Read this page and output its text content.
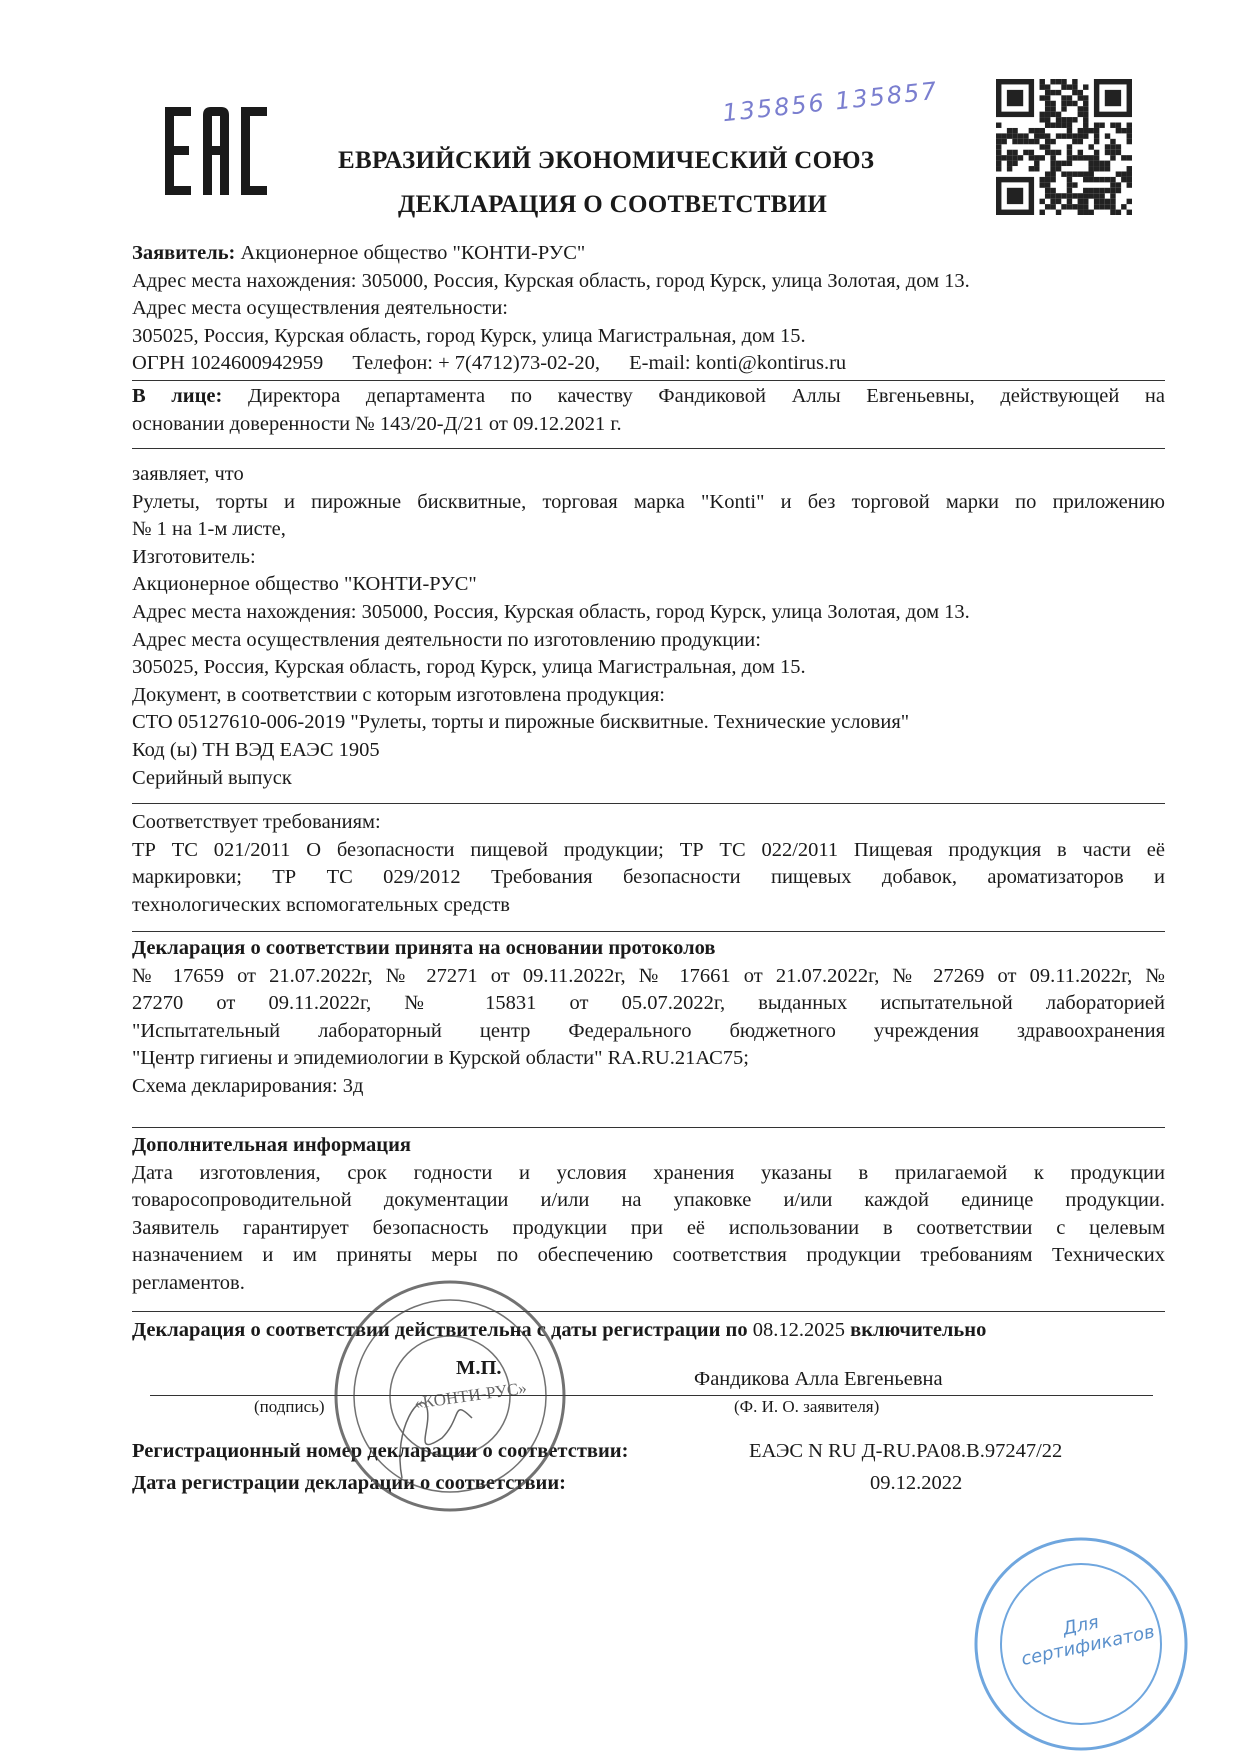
135856 135857
ЕВРАЗИЙСКИЙ ЭКОНОМИЧЕСКИЙ СОЮЗ
ДЕКЛАРАЦИЯ О СООТВЕТСТВИИ
Заявитель: Акционерное общество "КОНТИ-РУС"
Адрес места нахождения: 305000, Россия, Курская область, город Курск, улица Золотая, дом 13.
Адрес места осуществления деятельности:
305025, Россия, Курская область, город Курск, улица Магистральная, дом 15.
ОГРН 1024600942959 Телефон: + 7(4712)73-02-20, E-mail: konti@kontirus.ru
В лице: Директора департамента по качеству Фандиковой Аллы Евгеньевны, действующей на
основании доверенности № 143/20-Д/21 от 09.12.2021 г.
заявляет, что
Рулеты, торты и пирожные бисквитные, торговая марка "Konti" и без торговой марки по приложению
№ 1 на 1-м листе,
Изготовитель:
Акционерное общество "КОНТИ-РУС"
Адрес места нахождения: 305000, Россия, Курская область, город Курск, улица Золотая, дом 13.
Адрес места осуществления деятельности по изготовлению продукции:
305025, Россия, Курская область, город Курск, улица Магистральная, дом 15.
Документ, в соответствии с которым изготовлена продукция:
СТО 05127610-006-2019 "Рулеты, торты и пирожные бисквитные. Технические условия"
Код (ы) ТН ВЭД ЕАЭС 1905
Серийный выпуск
Соответствует требованиям:
ТР ТС 021/2011 О безопасности пищевой продукции; ТР ТС 022/2011 Пищевая продукция в части её
маркировки; ТР ТС 029/2012 Требования безопасности пищевых добавок, ароматизаторов и
технологических вспомогательных средств
Декларация о соответствии принята на основании протоколов
№ 17659 от 21.07.2022г, № 27271 от 09.11.2022г, № 17661 от 21.07.2022г, № 27269 от 09.11.2022г, №
27270 от 09.11.2022г, № 15831 от 05.07.2022г, выданных испытательной лабораторией
"Испытательный лабораторный центр Федерального бюджетного учреждения здравоохранения
"Центр гигиены и эпидемиологии в Курской области" RA.RU.21АС75;
Схема декларирования: 3д
Дополнительная информация
Дата изготовления, срок годности и условия хранения указаны в прилагаемой к продукции
товаросопроводительной документации и/или на упаковке и/или каждой единице продукции.
Заявитель гарантирует безопасность продукции при её использовании в соответствии с целевым
назначением и им приняты меры по обеспечению соответствия продукции требованиям Технических
регламентов.
Декларация о соответствии действительна с даты регистрации по 08.12.2025 включительно
М.П.	Фандикова Алла Евгеньевна
(подпись)	(Ф. И. О. заявителя)
Регистрационный номер декларации о соответствии:	ЕАЭС N RU Д-RU.PA08.B.97247/22
Дата регистрации декларации о соответствии:	09.12.2022
«КОНТИ-РУС»
Для сертификатов
